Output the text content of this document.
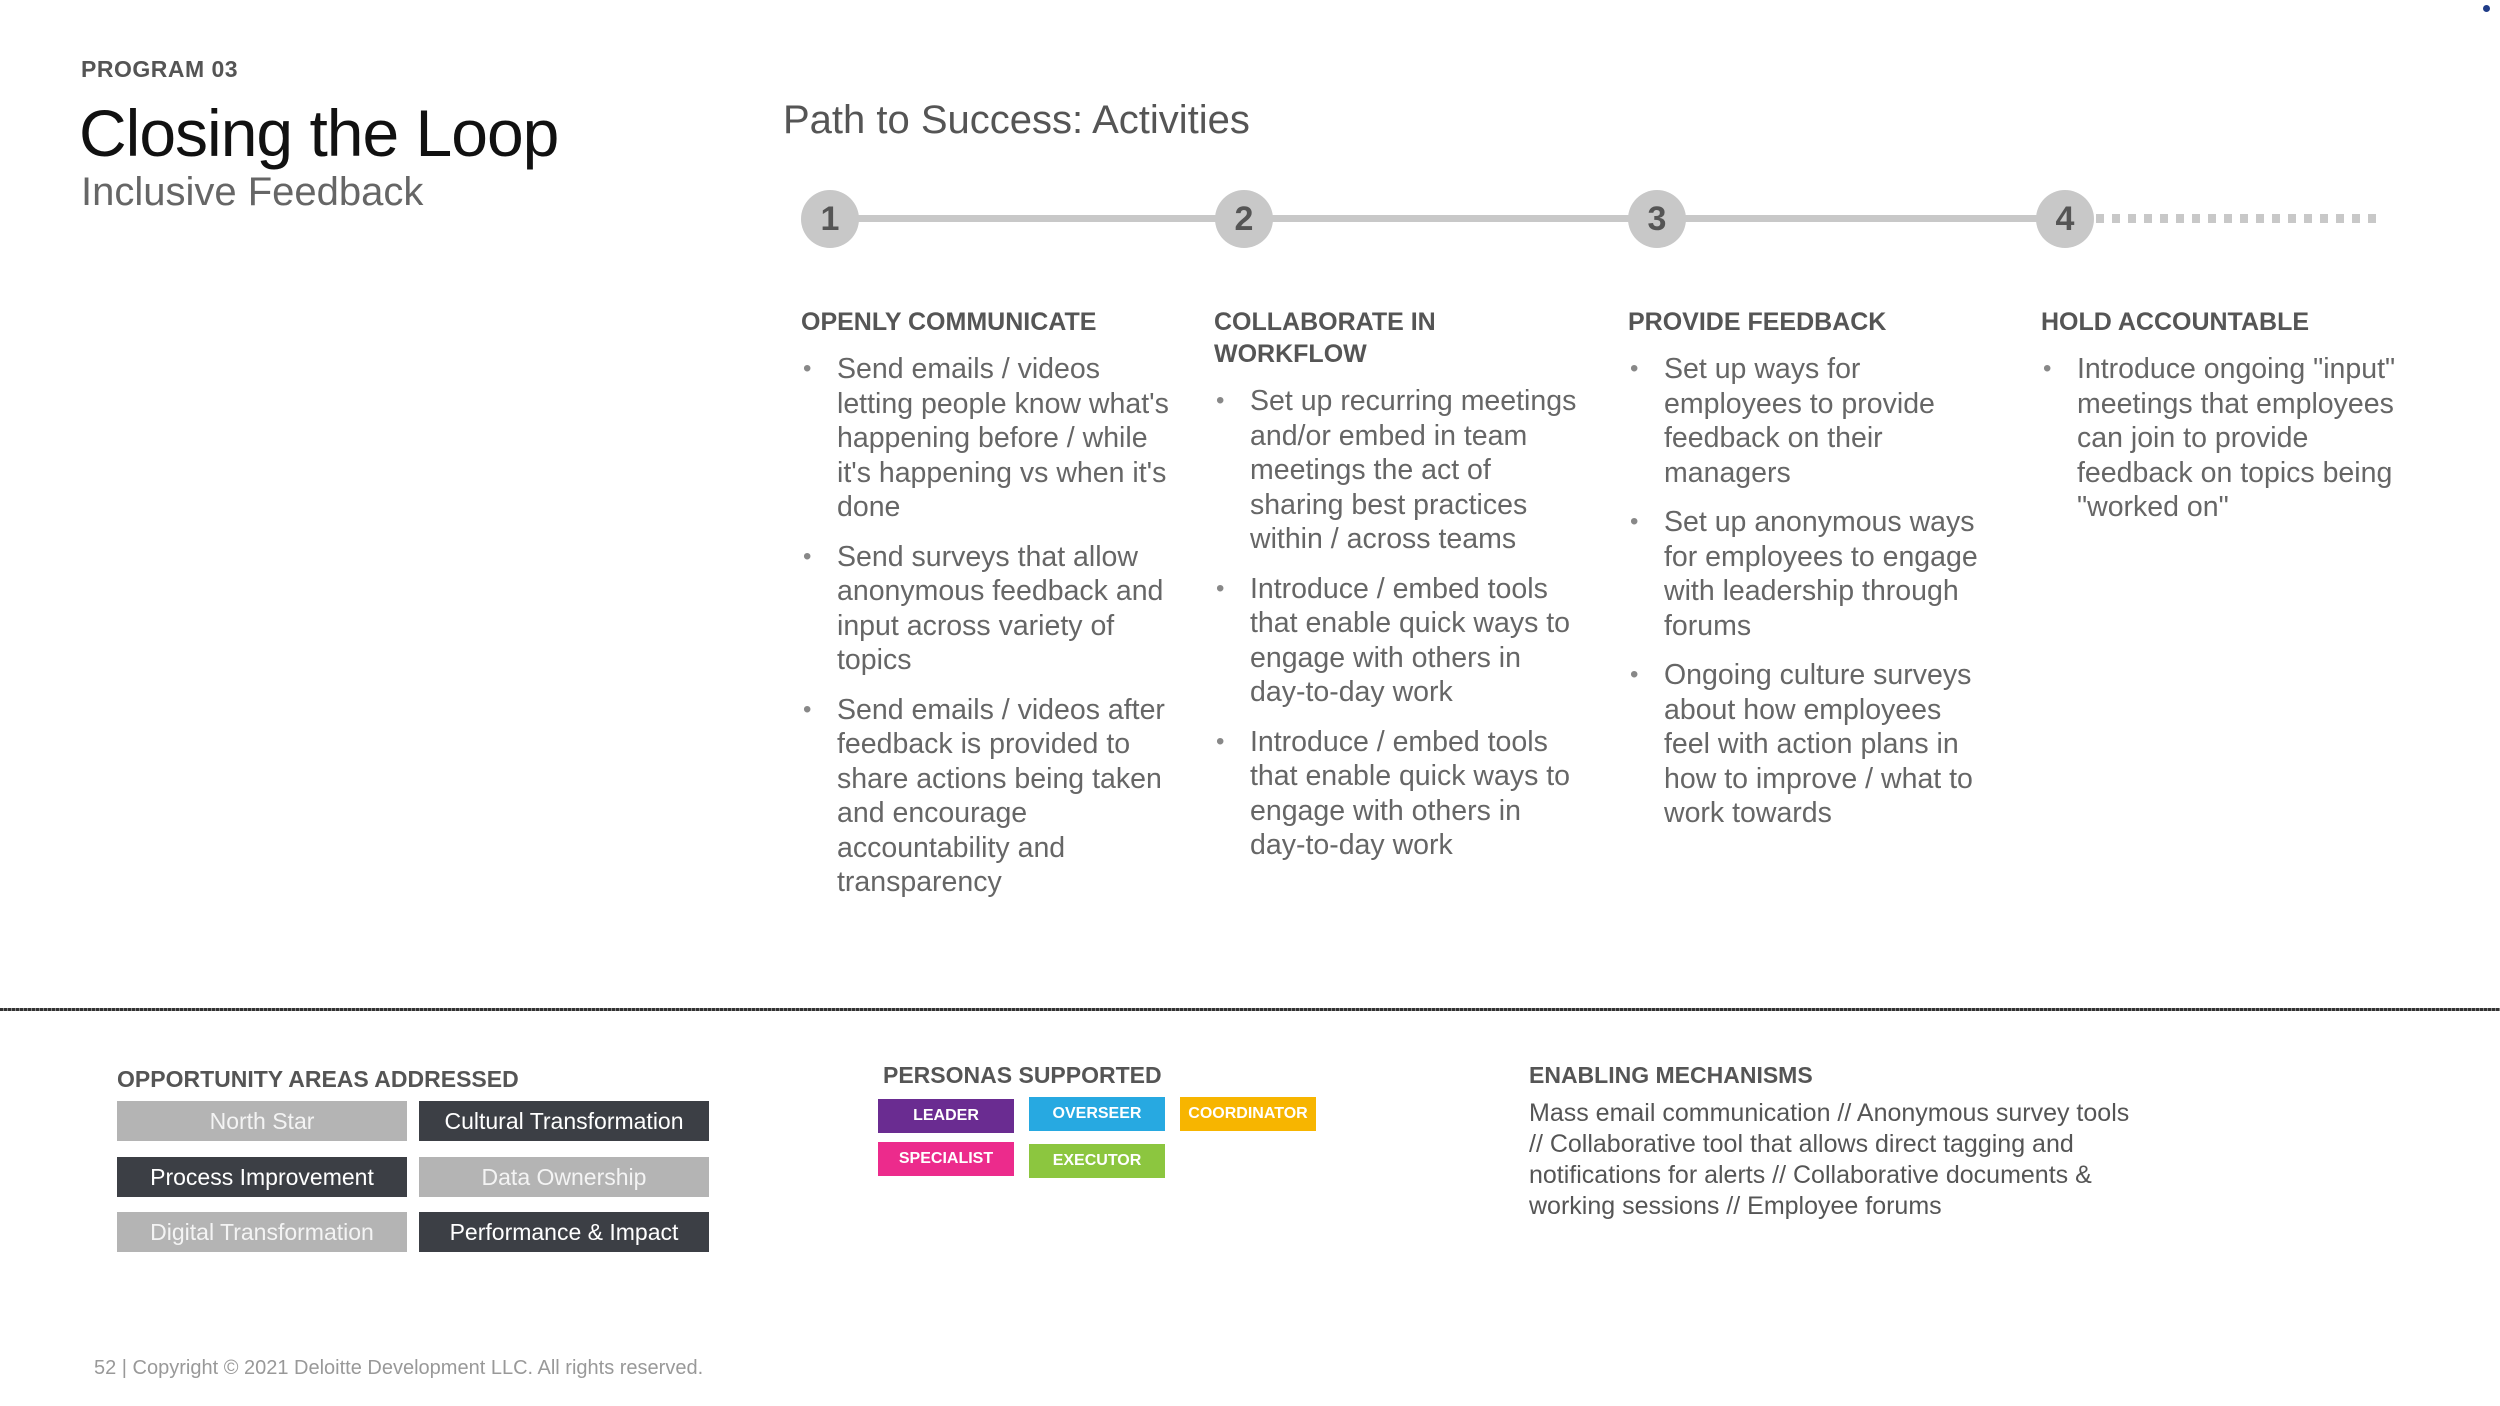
PROGRAM 03
Closing the Loop
Inclusive Feedback
Path to Success: Activities
1	2	3	4
OPENLY COMMUNICATE
• Send emails / videos letting people know what's happening before / while it's happening vs when it's done
• Send surveys that allow anonymous feedback and input across variety of topics
• Send emails / videos after feedback is provided to share actions being taken and encourage accountability and transparency
COLLABORATE IN WORKFLOW
• Set up recurring meetings and/or embed in team meetings the act of sharing best practices within / across teams
• Introduce / embed tools that enable quick ways to engage with others in day-to-day work
• Introduce / embed tools that enable quick ways to engage with others in day-to-day work
PROVIDE FEEDBACK
• Set up ways for employees to provide feedback on their managers
• Set up anonymous ways for employees to engage with leadership through forums
• Ongoing culture surveys about how employees feel with action plans in how to improve / what to work towards
HOLD ACCOUNTABLE
• Introduce ongoing "input" meetings that employees can join to provide feedback on topics being "worked on"
OPPORTUNITY AREAS ADDRESSED
North Star	Cultural Transformation
Process Improvement	Data Ownership
Digital Transformation	Performance & Impact
PERSONAS SUPPORTED
LEADER	OVERSEER	COORDINATOR
SPECIALIST	EXECUTOR
ENABLING MECHANISMS
Mass email communication // Anonymous survey tools // Collaborative tool that allows direct tagging and notifications for alerts // Collaborative documents & working sessions // Employee forums
52 | Copyright © 2021 Deloitte Development LLC. All rights reserved.
